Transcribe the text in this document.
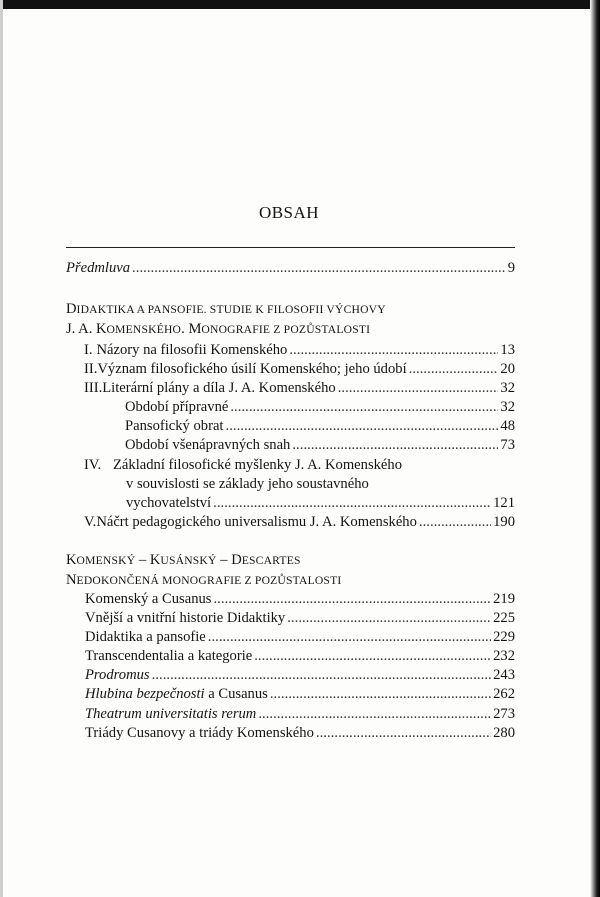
OBSAH
Předmluva . . .	9
DIDAKTIKA A PANSOFIE. STUDIE K FILOSOFII VÝCHOVY
J. A. KOMENSKÉHO. MONOGRAFIE Z POZŮSTALOSTI
I. Názory na filosofii Komenského . . .	13
II. Význam filosofického úsilí Komenského; jeho údobí . . .	20
III. Literární plány a díla J. A. Komenského . . .	32
Období přípravné . . .	32
Pansofický obrat . . .	48
Období všenápravných snah . . .	73
IV. Základní filosofické myšlenky J. A. Komenského
v souvislosti se základy jeho soustavného
vychovatelství . . .	121
V. Náčrt pedagogického universalismu J. A. Komenského . . .	190
KOMENSKÝ – KUSÁNSKÝ – DESCARTES
NEDOKONČENÁ MONOGRAFIE Z POZŮSTALOSTI
Komenský a Cusanus . . .	219
Vnější a vnitřní historie Didaktiky . . .	225
Didaktika a pansofie . . .	229
Transcendentalia a kategorie . . .	232
Prodromus . . .	243
Hlubina bezpečnosti a Cusanus . . .	262
Theatrum universitatis rerum . . .	273
Triády Cusanovy a triády Komenského . . .	280
